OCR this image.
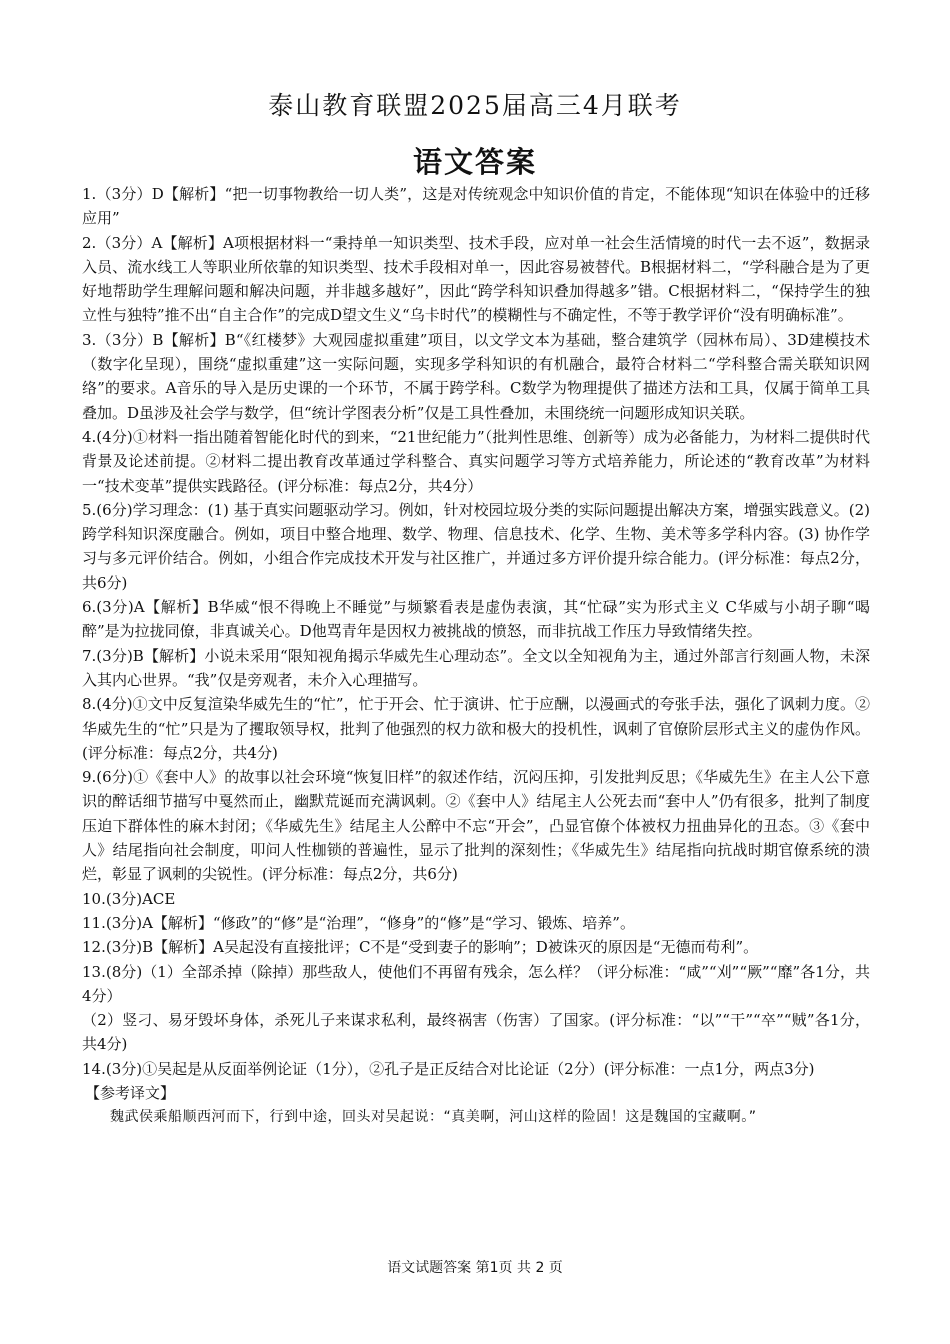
泰山教育联盟2025届高三4月联考
语文答案

1.（3分）D【解析】“把一切事物教给一切人类”，这是对传统观念中知识价值的肯定，不能体现“知识在体验中的迁移应用”

2.（3分）A【解析】A项根据材料一“秉持单一知识类型、技术手段，应对单一社会生活情境的时代一去不返”，数据录入员、流水线工人等职业所依靠的知识类型、技术手段相对单一，因此容易被替代。B根据材料二，“学科融合是为了更好地帮助学生理解问题和解决问题，并非越多越好”，因此“跨学科知识叠加得越多”错。C根据材料二，“保持学生的独立性与独特”推不出“自主合作”的完成D望文生义“乌卡时代”的模糊性与不确定性，不等于教学评价“没有明确标准”。

3.（3分）B【解析】B“《红楼梦》大观园虚拟重建”项目，以文学文本为基础，整合建筑学（园林布局）、3D建模技术（数字化呈现），围绕“虚拟重建”这一实际问题，实现多学科知识的有机融合，最符合材料二“学科整合需关联知识网络”的要求。A音乐的导入是历史课的一个环节，不属于跨学科。C数学为物理提供了描述方法和工具，仅属于简单工具叠加。D虽涉及社会学与数学，但“统计学图表分析”仅是工具性叠加，未围绕统一问题形成知识关联。

4.(4分)①材料一指出随着智能化时代的到来，“21世纪能力”（批判性思维、创新等）成为必备能力，为材料二提供时代背景及论述前提。②材料二提出教育改革通过学科整合、真实问题学习等方式培养能力，所论述的“教育改革”为材料一“技术变革”提供实践路径。(评分标准：每点2分，共4分）

5.(6分)学习理念：(1) 基于真实问题驱动学习。例如，针对校园垃圾分类的实际问题提出解决方案，增强实践意义。(2) 跨学科知识深度融合。例如，项目中整合地理、数学、物理、信息技术、化学、生物、美术等多学科内容。(3) 协作学习与多元评价结合。例如，小组合作完成技术开发与社区推广，并通过多方评价提升综合能力。(评分标准：每点2分，共6分)

6.(3分)A【解析】B华威“恨不得晚上不睡觉”与频繁看表是虚伪表演，其“忙碌”实为形式主义 C华威与小胡子聊“喝醉”是为拉拢同僚，非真诚关心。D他骂青年是因权力被挑战的愤怒，而非抗战工作压力导致情绪失控。

7.(3分)B【解析】小说未采用“限知视角揭示华威先生心理动态”。全文以全知视角为主，通过外部言行刻画人物，未深入其内心世界。“我”仅是旁观者，未介入心理描写。

8.(4分)①文中反复渲染华威先生的“忙”，忙于开会、忙于演讲、忙于应酬，以漫画式的夸张手法，强化了讽刺力度。②华威先生的“忙”只是为了攫取领导权，批判了他强烈的权力欲和极大的投机性，讽刺了官僚阶层形式主义的虚伪作风。(评分标准：每点2分，共4分)

9.(6分)①《套中人》的故事以社会环境“恢复旧样”的叙述作结，沉闷压抑，引发批判反思；《华威先生》在主人公下意识的醉话细节描写中戛然而止，幽默荒诞而充满讽刺。②《套中人》结尾主人公死去而“套中人”仍有很多，批判了制度压迫下群体性的麻木封闭；《华威先生》结尾主人公醉中不忘“开会”，凸显官僚个体被权力扭曲异化的丑态。③《套中人》结尾指向社会制度，叩问人性枷锁的普遍性，显示了批判的深刻性；《华威先生》结尾指向抗战时期官僚系统的溃烂，彰显了讽刺的尖锐性。(评分标准：每点2分，共6分)

10.(3分)ACE

11.(3分)A【解析】“修政”的“修”是“治理”，“修身”的“修”是“学习、锻炼、培养”。

12.(3分)B【解析】A吴起没有直接批评；C不是“受到妻子的影响”；D被诛灭的原因是“无德而苟利”。

13.(8分)（1）全部杀掉（除掉）那些敌人，使他们不再留有残余，怎么样？（评分标准：“咸”“刈”“厥”“靡”各1分，共4分）

（2）竖刁、易牙毁坏身体，杀死儿子来谋求私利，最终祸害（伤害）了国家。(评分标准：“以”“干”“卒”“贼”各1分，共4分)

14.(3分)①吴起是从反面举例论证（1分），②孔子是正反结合对比论证（2分）(评分标准：一点1分，两点3分)

【参考译文】

魏武侯乘船顺西河而下，行到中途，回头对吴起说：“真美啊，河山这样的险固！这是魏国的宝藏啊。”

语文试题答案 第1页 共 2 页
